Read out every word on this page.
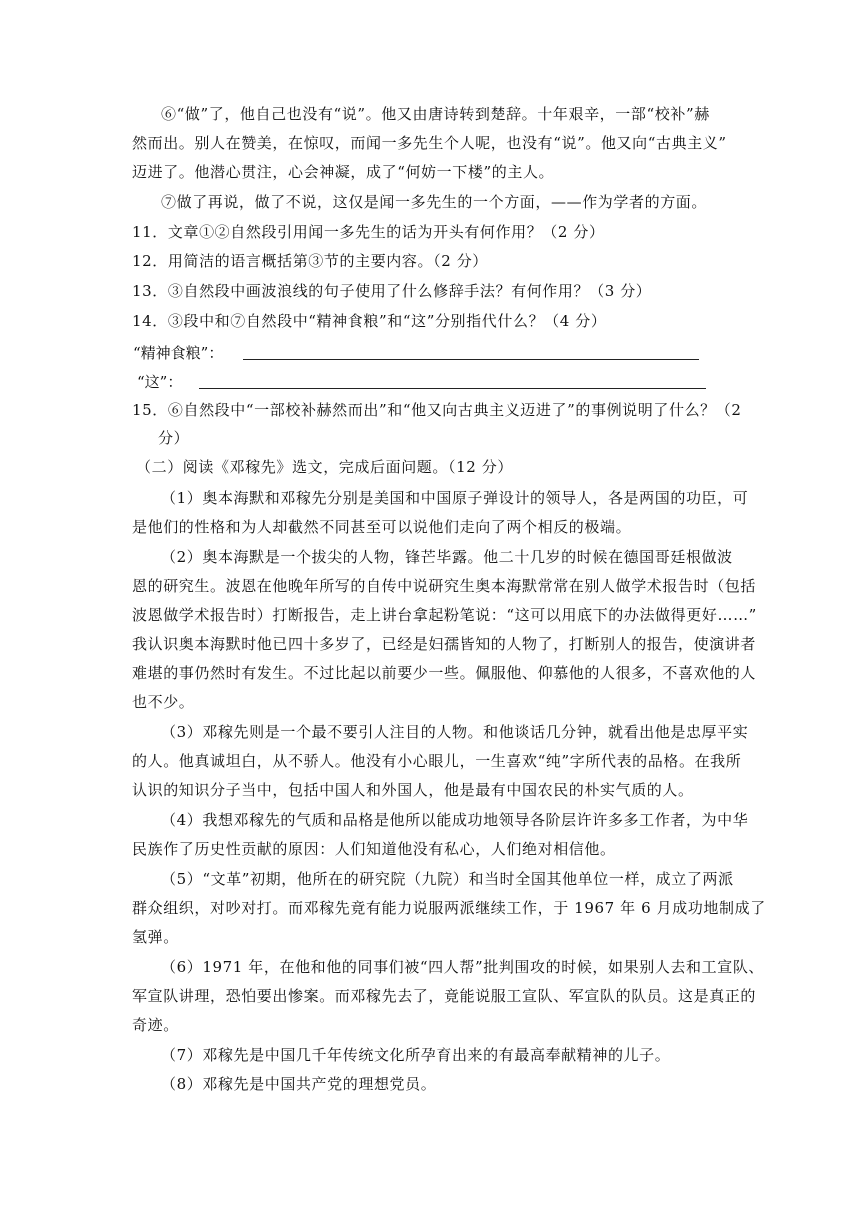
⑥“做”了，他自己也没有“说”。他又由唐诗转到楚辞。十年艰辛，一部“校补”赫
然而出。别人在赞美，在惊叹，而闻一多先生个人呢，也没有“说”。他又向“古典主义”
迈进了。他潜心贯注，心会神凝，成了“何妨一下楼”的主人。
⑦做了再说，做了不说，这仅是闻一多先生的一个方面，——作为学者的方面。
11．文章①②自然段引用闻一多先生的话为开头有何作用？（2 分）
12．用简洁的语言概括第③节的主要内容。（2 分）
13．③自然段中画波浪线的句子使用了什么修辞手法？有何作用？（3 分）
14．③段中和⑦自然段中“精神食粮”和“这”分别指代什么？（4 分）
“精神食粮”：
“这”：
15．⑥自然段中“一部校补赫然而出”和“他又向古典主义迈进了”的事例说明了什么？（2
分）
（二）阅读《邓稼先》选文，完成后面问题。（12 分）
（1）奥本海默和邓稼先分别是美国和中国原子弹设计的领导人，各是两国的功臣，可
是他们的性格和为人却截然不同甚至可以说他们走向了两个相反的极端。
（2）奥本海默是一个拔尖的人物，锋芒毕露。他二十几岁的时候在德国哥廷根做波
恩的研究生。波恩在他晚年所写的自传中说研究生奥本海默常常在别人做学术报告时（包括
波恩做学术报告时）打断报告，走上讲台拿起粉笔说：“这可以用底下的办法做得更好……”
我认识奥本海默时他已四十多岁了，已经是妇孺皆知的人物了，打断别人的报告，使演讲者
难堪的事仍然时有发生。不过比起以前要少一些。佩服他、仰慕他的人很多，不喜欢他的人
也不少。
（3）邓稼先则是一个最不要引人注目的人物。和他谈话几分钟，就看出他是忠厚平实
的人。他真诚坦白，从不骄人。他没有小心眼儿，一生喜欢“纯”字所代表的品格。在我所
认识的知识分子当中，包括中国人和外国人，他是最有中国农民的朴实气质的人。
（4）我想邓稼先的气质和品格是他所以能成功地领导各阶层许许多多工作者，为中华
民族作了历史性贡献的原因：人们知道他没有私心，人们绝对相信他。
（5）“文革”初期，他所在的研究院（九院）和当时全国其他单位一样，成立了两派
群众组织，对吵对打。而邓稼先竟有能力说服两派继续工作，于 1967 年 6 月成功地制成了
氢弹。
（6）1971 年，在他和他的同事们被“四人帮”批判围攻的时候，如果别人去和工宣队、
军宣队讲理，恐怕要出惨案。而邓稼先去了，竟能说服工宣队、军宣队的队员。这是真正的
奇迹。
（7）邓稼先是中国几千年传统文化所孕育出来的有最高奉献精神的儿子。
（8）邓稼先是中国共产党的理想党员。
